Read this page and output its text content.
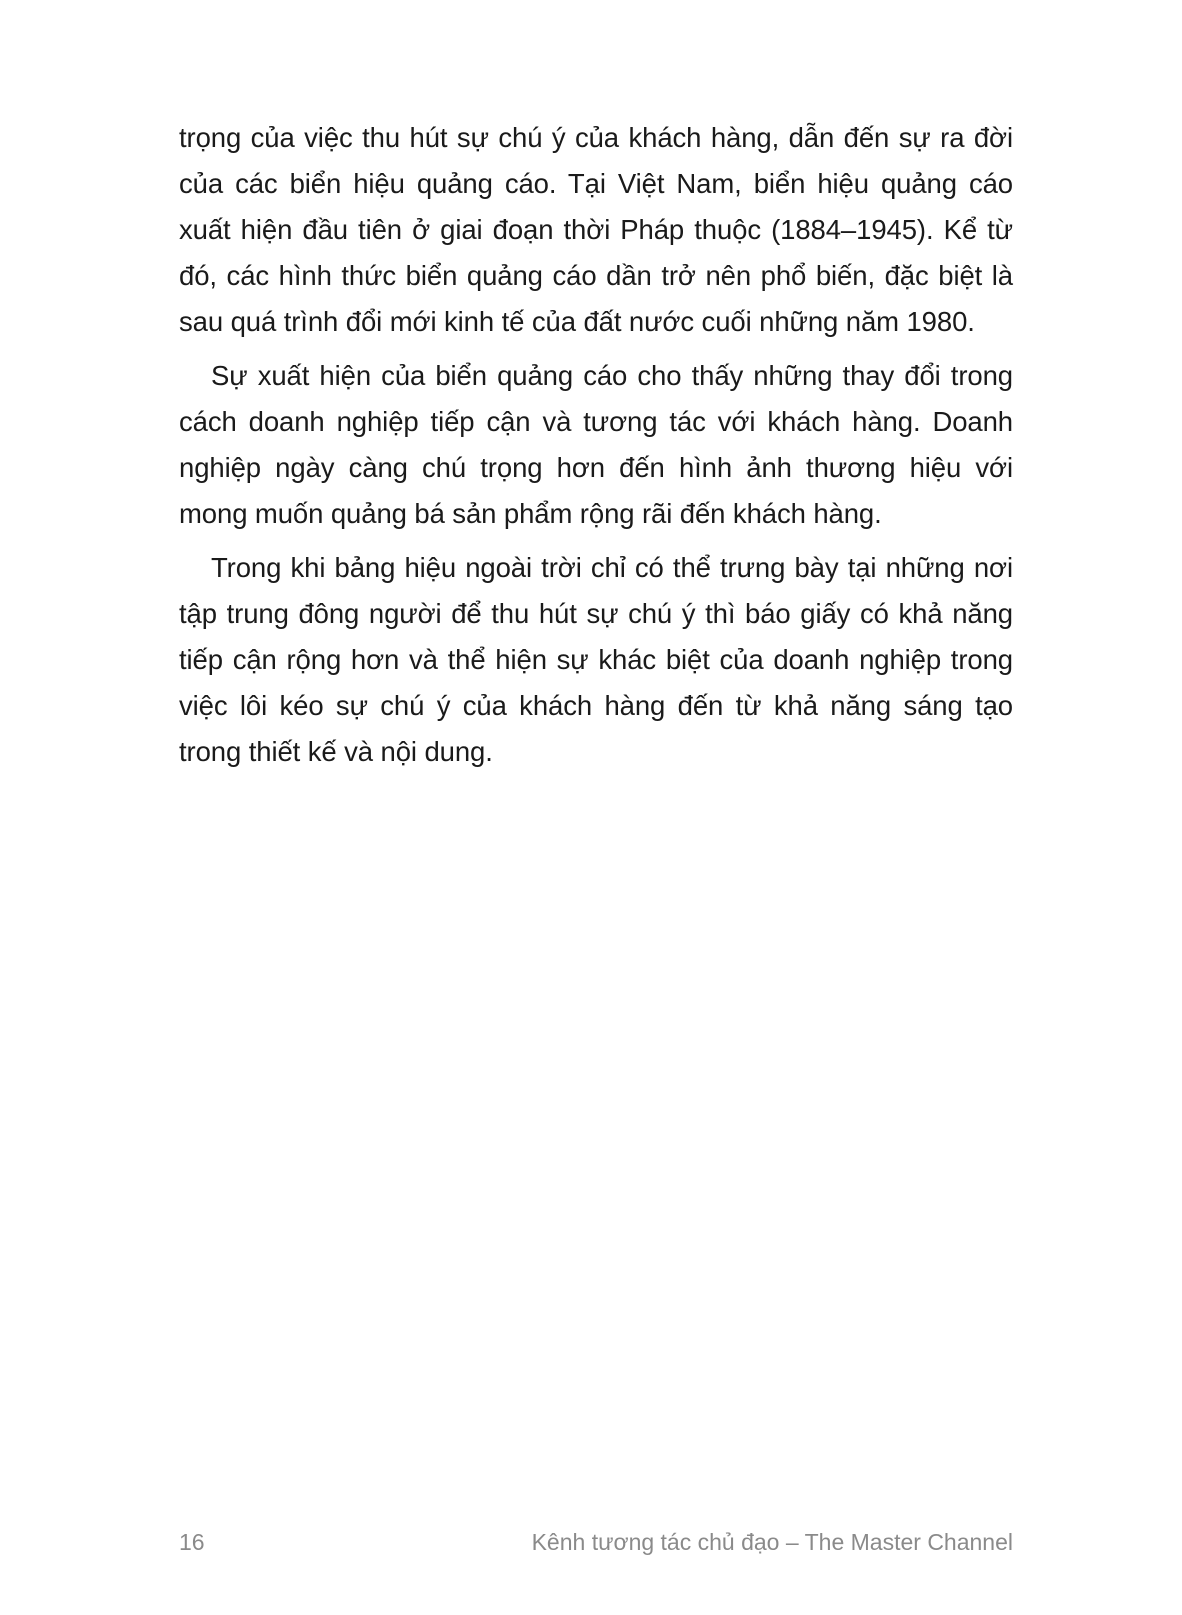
trọng của việc thu hút sự chú ý của khách hàng, dẫn đến sự ra đời của các biển hiệu quảng cáo. Tại Việt Nam, biển hiệu quảng cáo xuất hiện đầu tiên ở giai đoạn thời Pháp thuộc (1884–1945). Kể từ đó, các hình thức biển quảng cáo dần trở nên phổ biến, đặc biệt là sau quá trình đổi mới kinh tế của đất nước cuối những năm 1980.

Sự xuất hiện của biển quảng cáo cho thấy những thay đổi trong cách doanh nghiệp tiếp cận và tương tác với khách hàng. Doanh nghiệp ngày càng chú trọng hơn đến hình ảnh thương hiệu với mong muốn quảng bá sản phẩm rộng rãi đến khách hàng.

Trong khi bảng hiệu ngoài trời chỉ có thể trưng bày tại những nơi tập trung đông người để thu hút sự chú ý thì báo giấy có khả năng tiếp cận rộng hơn và thể hiện sự khác biệt của doanh nghiệp trong việc lôi kéo sự chú ý của khách hàng đến từ khả năng sáng tạo trong thiết kế và nội dung.

16	Kênh tương tác chủ đạo – The Master Channel
